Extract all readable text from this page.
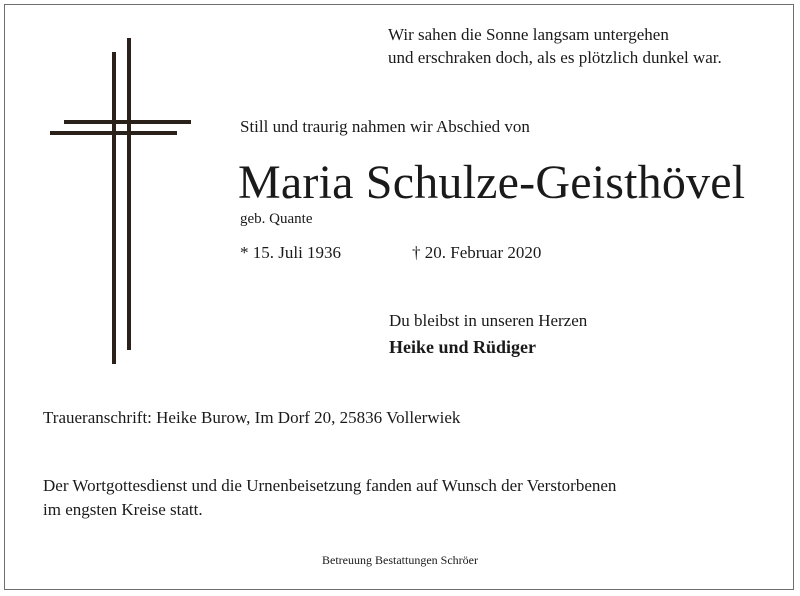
Wir sahen die Sonne langsam untergehen
und erschraken doch, als es plötzlich dunkel war.
Still und traurig nahmen wir Abschied von
Maria Schulze-Geisthövel
geb. Quante
* 15. Juli 1936	† 20. Februar 2020
Du bleibst in unseren Herzen
Heike und Rüdiger
Traueranschrift: Heike Burow, Im Dorf 20, 25836 Vollerwiek
Der Wortgottesdienst und die Urnenbeisetzung fanden auf Wunsch der Verstorbenen
im engsten Kreise statt.
Betreuung Bestattungen Schröer
